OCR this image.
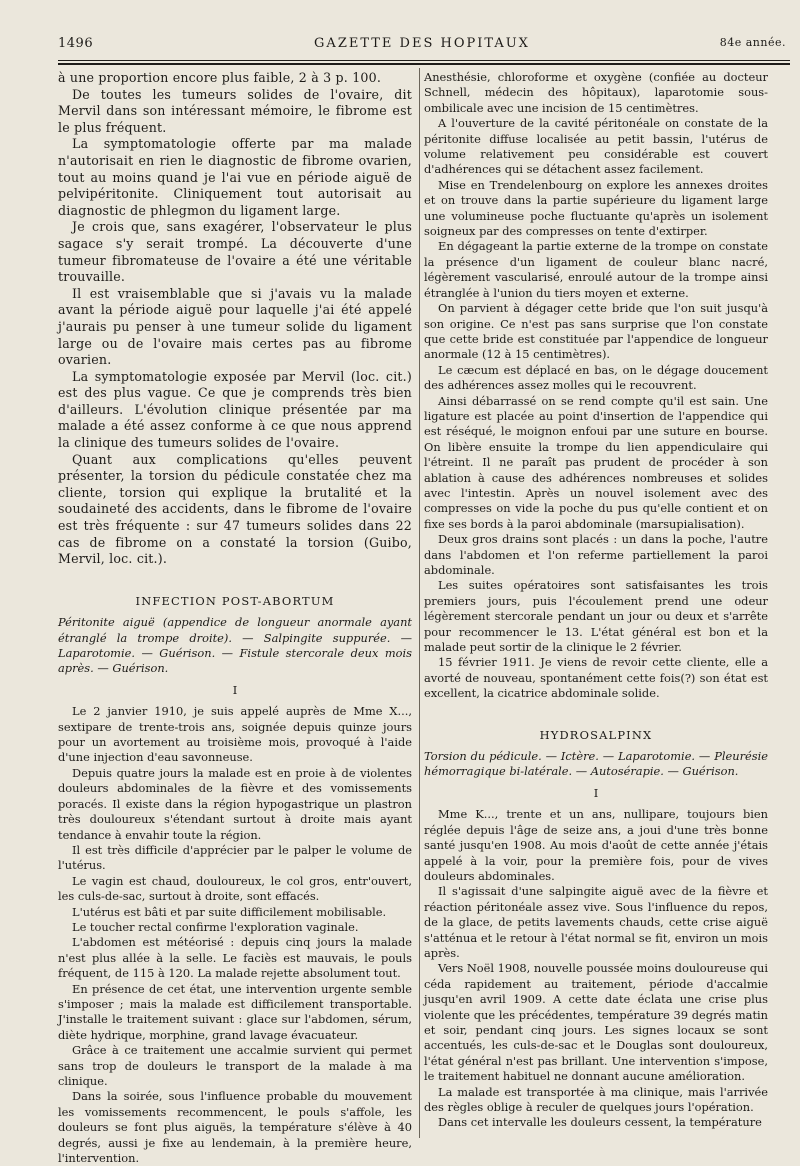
1496	GAZETTE DES HOPITAUX	84e année.

à une proportion encore plus faible, 2 à 3 p. 100.

De toutes les tumeurs solides de l'ovaire, dit Mervil dans son intéressant mémoire, le fibrome est le plus fréquent.

La symptomatologie offerte par ma malade n'autorisait en rien le diagnostic de fibrome ovarien, tout au moins quand je l'ai vue en période aiguë de pelvipéritonite. Cliniquement tout autorisait au diagnostic de phlegmon du ligament large.

Je crois que, sans exagérer, l'observateur le plus sagace s'y serait trompé. La découverte d'une tumeur fibromateuse de l'ovaire a été une véritable trouvaille.

Il est vraisemblable que si j'avais vu la malade avant la période aiguë pour laquelle j'ai été appelé j'aurais pu penser à une tumeur solide du ligament large ou de l'ovaire mais certes pas au fibrome ovarien.

La symptomatologie exposée par Mervil (loc. cit.) est des plus vague. Ce que je comprends très bien d'ailleurs. L'évolution clinique présentée par ma malade a été assez conforme à ce que nous apprend la clinique des tumeurs solides de l'ovaire.

Quant aux complications qu'elles peuvent présenter, la torsion du pédicule constatée chez ma cliente, torsion qui explique la brutalité et la soudaineté des accidents, dans le fibrome de l'ovaire est très fréquente : sur 47 tumeurs solides dans 22 cas de fibrome on a constaté la torsion (Guibo, Mervil, loc. cit.).

INFECTION POST-ABORTUM

Péritonite aiguë (appendice de longueur anormale ayant étranglé la trompe droite). — Salpingite suppurée. — Laparotomie. — Guérison. — Fistule stercorale deux mois après. — Guérison.

I

Le 2 janvier 1910, je suis appelé auprès de Mme X..., sextipare de trente-trois ans, soignée depuis quinze jours pour un avortement au troisième mois, provoqué à l'aide d'une injection d'eau savonneuse.

Depuis quatre jours la malade est en proie à de violentes douleurs abdominales de la fièvre et des vomissements poracés. Il existe dans la région hypogastrique un plastron très douloureux s'étendant surtout à droite mais ayant tendance à envahir toute la région.

Il est très difficile d'apprécier par le palper le volume de l'utérus.

Le vagin est chaud, douloureux, le col gros, entr'ouvert, les culs-de-sac, surtout à droite, sont effacés.

L'utérus est bâti et par suite difficilement mobilisable.

Le toucher rectal confirme l'exploration vaginale.

L'abdomen est météorisé : depuis cinq jours la malade n'est plus allée à la selle. Le faciès est mauvais, le pouls fréquent, de 115 à 120. La malade rejette absolument tout.

En présence de cet état, une intervention urgente semble s'imposer ; mais la malade est difficilement transportable. J'installe le traitement suivant : glace sur l'abdomen, sérum, diète hydrique, morphine, grand lavage évacuateur.

Grâce à ce traitement une accalmie survient qui permet sans trop de douleurs le transport de la malade à ma clinique.

Dans la soirée, sous l'influence probable du mouvement les vomissements recommencent, le pouls s'affole, les douleurs se font plus aiguës, la température s'élève à 40 degrés, aussi je fixe au lendemain, à la première heure, l'intervention.

Anesthésie, chloroforme et oxygène (confiée au docteur Schnell, médecin des hôpitaux), laparotomie sous-ombilicale avec une incision de 15 centimètres.

A l'ouverture de la cavité péritonéale on constate de la péritonite diffuse localisée au petit bassin, l'utérus de volume relativement peu considérable est couvert d'adhérences qui se détachent assez facilement.

Mise en Trendelenbourg on explore les annexes droites et on trouve dans la partie supérieure du ligament large une volumineuse poche fluctuante qu'après un isolement soigneux par des compresses on tente d'extirper.

En dégageant la partie externe de la trompe on constate la présence d'un ligament de couleur blanc nacré, légèrement vascularisé, enroulé autour de la trompe ainsi étranglée à l'union du tiers moyen et externe.

On parvient à dégager cette bride que l'on suit jusqu'à son origine. Ce n'est pas sans surprise que l'on constate que cette bride est constituée par l'appendice de longueur anormale (12 à 15 centimètres).

Le cæcum est déplacé en bas, on le dégage doucement des adhérences assez molles qui le recouvrent.

Ainsi débarrassé on se rend compte qu'il est sain. Une ligature est placée au point d'insertion de l'appendice qui est réséqué, le moignon enfoui par une suture en bourse. On libère ensuite la trompe du lien appendiculaire qui l'étreint. Il ne paraît pas prudent de procéder à son ablation à cause des adhérences nombreuses et solides avec l'intestin. Après un nouvel isolement avec des compresses on vide la poche du pus qu'elle contient et on fixe ses bords à la paroi abdominale (marsupialisation).

Deux gros drains sont placés : un dans la poche, l'autre dans l'abdomen et l'on referme partiellement la paroi abdominale.

Les suites opératoires sont satisfaisantes les trois premiers jours, puis l'écoulement prend une odeur légèrement stercorale pendant un jour ou deux et s'arrête pour recommencer le 13. L'état général est bon et la malade peut sortir de la clinique le 2 février.

15 février 1911. Je viens de revoir cette cliente, elle a avorté de nouveau, spontanément cette fois(?) son état est excellent, la cicatrice abdominale solide.

HYDROSALPINX

Torsion du pédicule. — Ictère. — Laparotomie. — Pleurésie hémorragique bi-latérale. — Autosérapie. — Guérison.

I

Mme K..., trente et un ans, nullipare, toujours bien réglée depuis l'âge de seize ans, a joui d'une très bonne santé jusqu'en 1908. Au mois d'août de cette année j'étais appelé à la voir, pour la première fois, pour de vives douleurs abdominales.

Il s'agissait d'une salpingite aiguë avec de la fièvre et réaction péritonéale assez vive. Sous l'influence du repos, de la glace, de petits lavements chauds, cette crise aiguë s'atténua et le retour à l'état normal se fit, environ un mois après.

Vers Noël 1908, nouvelle poussée moins douloureuse qui céda rapidement au traitement, période d'accalmie jusqu'en avril 1909. A cette date éclata une crise plus violente que les précédentes, température 39 degrés matin et soir, pendant cinq jours. Les signes locaux se sont accentués, les culs-de-sac et le Douglas sont douloureux, l'état général n'est pas brillant. Une intervention s'impose, le traitement habituel ne donnant aucune amélioration.

La malade est transportée à ma clinique, mais l'arrivée des règles oblige à reculer de quelques jours l'opération.

Dans cet intervalle les douleurs cessent, la température
